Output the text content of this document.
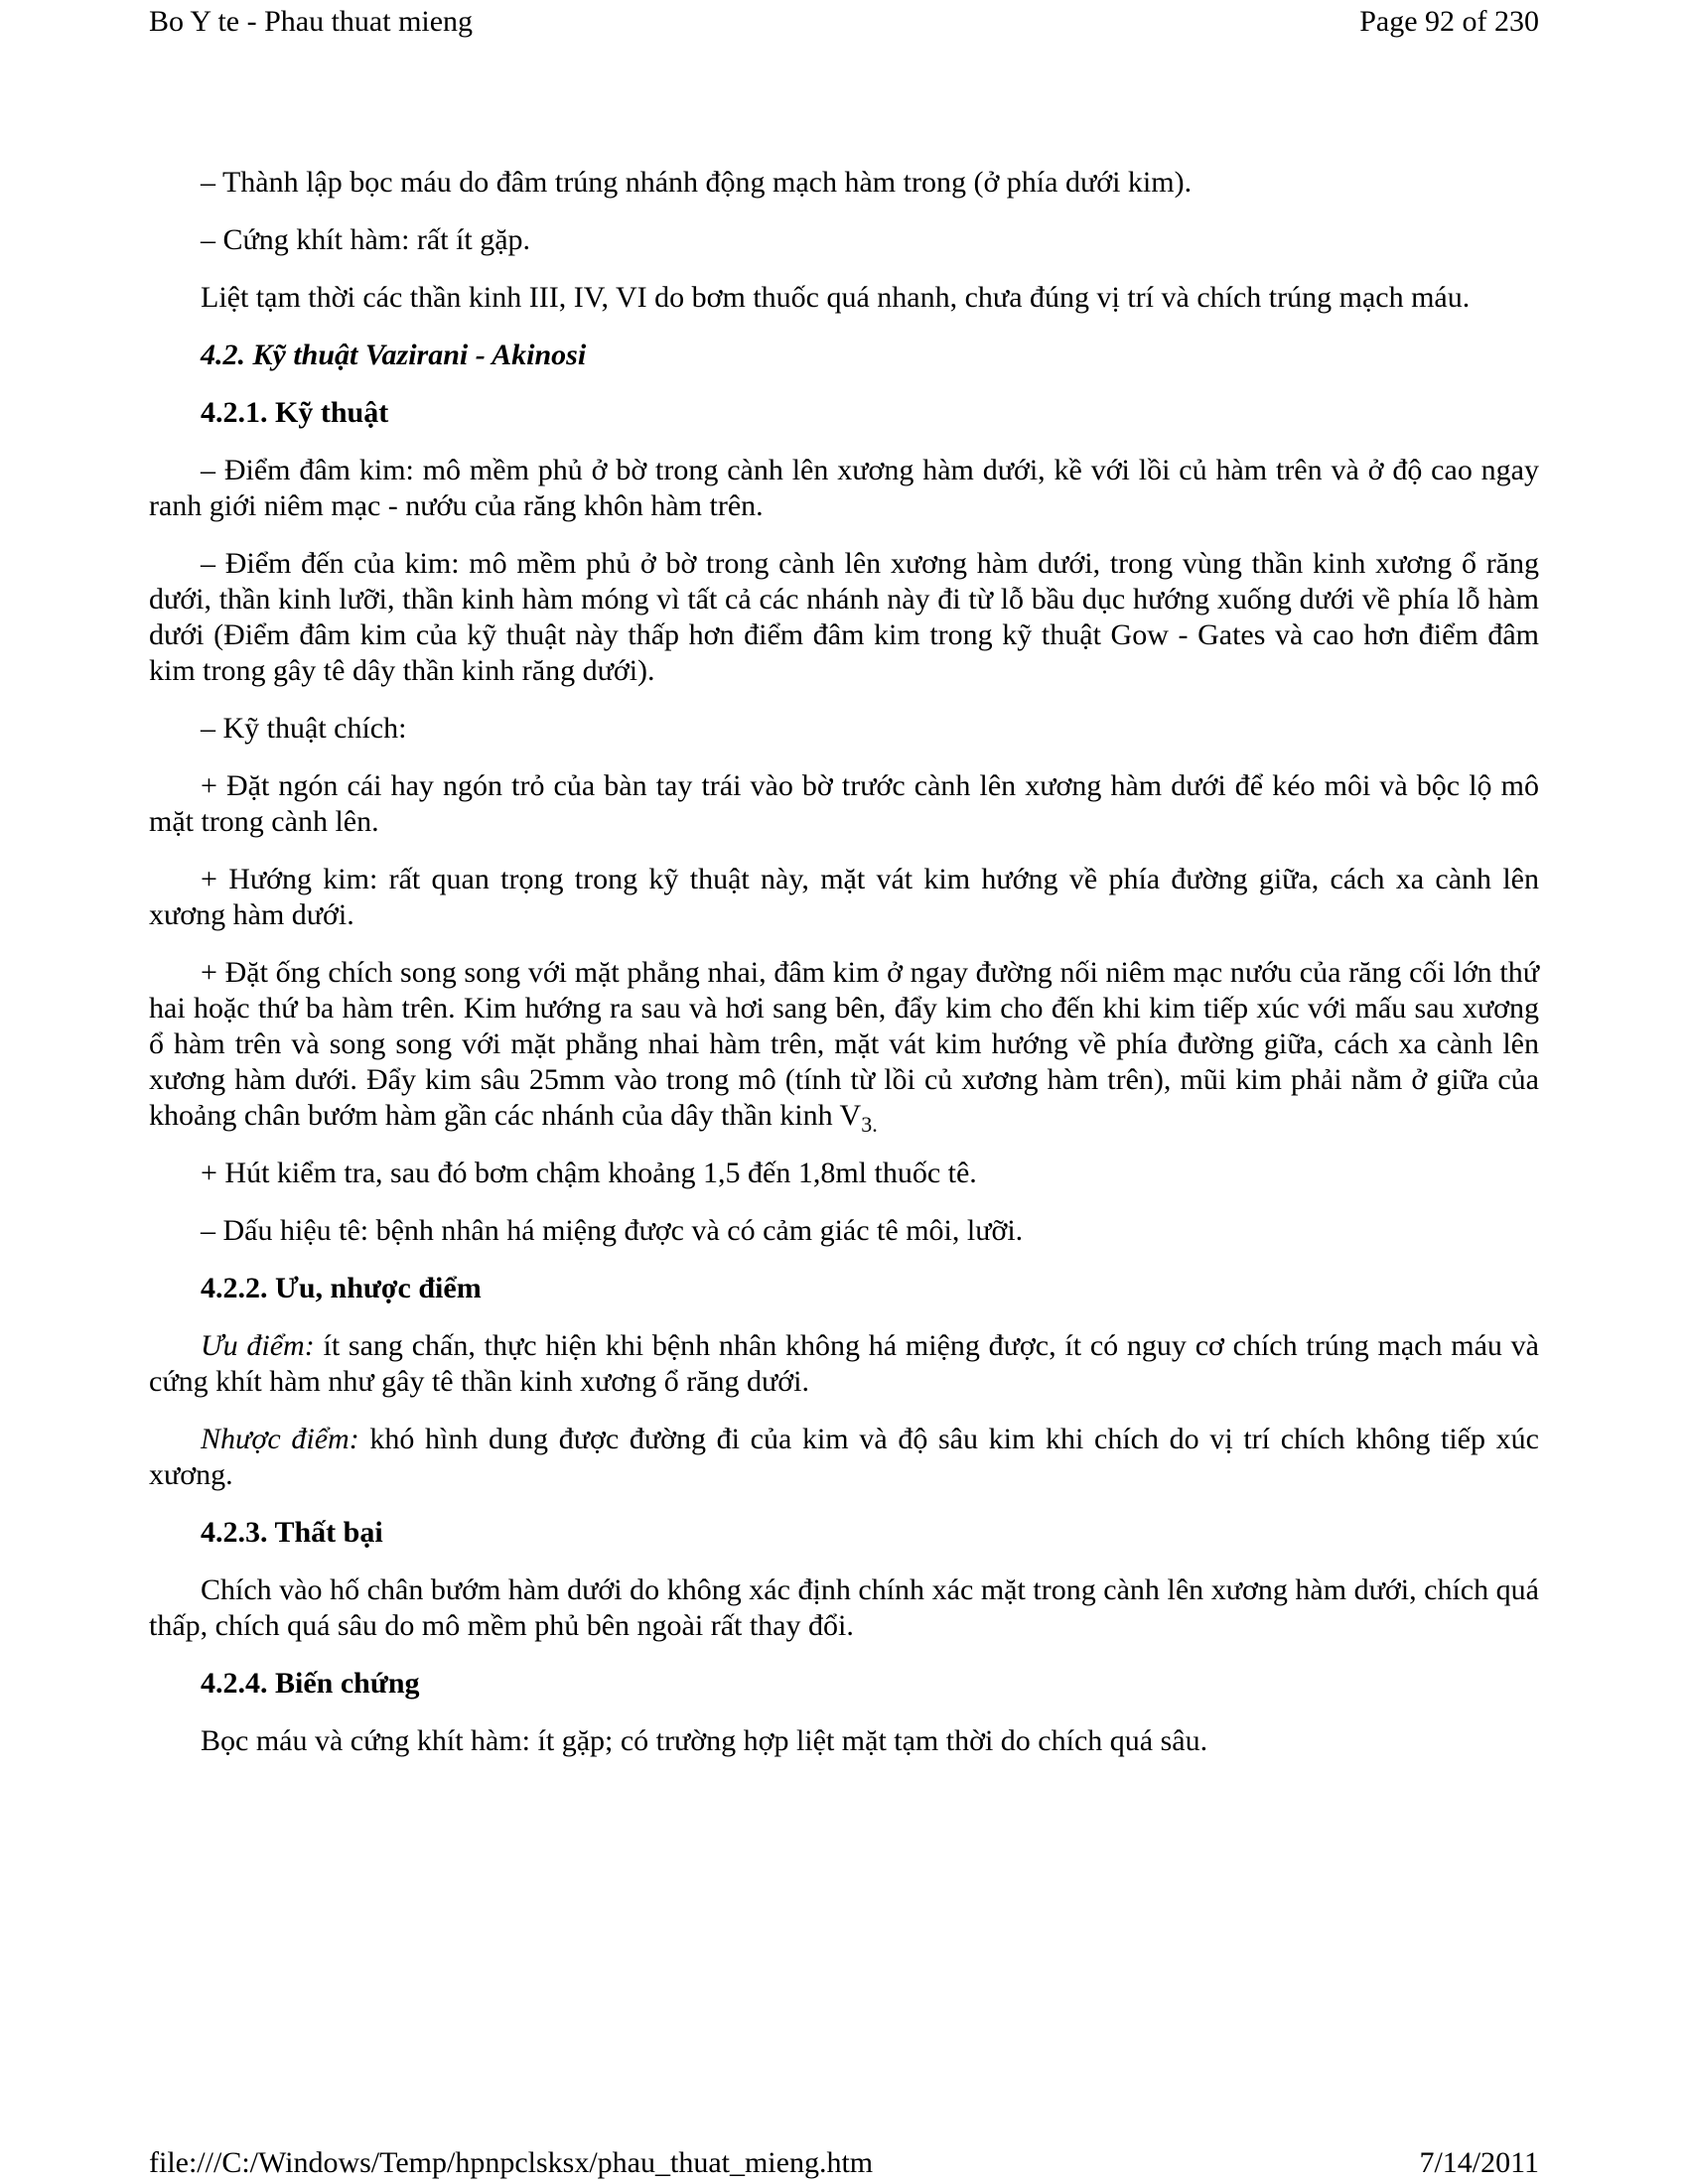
Bo Y te - Phau thuat mieng	Page 92 of 230

– Thành lập bọc máu do đâm trúng nhánh động mạch hàm trong (ở phía dưới kim).

– Cứng khít hàm: rất ít gặp.

Liệt tạm thời các thần kinh III, IV, VI do bơm thuốc quá nhanh, chưa đúng vị trí và chích trúng mạch máu.

4.2. Kỹ thuật Vazirani - Akinosi

4.2.1. Kỹ thuật

– Điểm đâm kim: mô mềm phủ ở bờ trong cành lên xương hàm dưới, kề với lồi củ hàm trên và ở độ cao ngay ranh giới niêm mạc - nướu của răng khôn hàm trên.

– Điểm đến của kim: mô mềm phủ ở bờ trong cành lên xương hàm dưới, trong vùng thần kinh xương ổ răng dưới, thần kinh lưỡi, thần kinh hàm móng vì tất cả các nhánh này đi từ lỗ bầu dục hướng xuống dưới về phía lỗ hàm dưới (Điểm đâm kim của kỹ thuật này thấp hơn điểm đâm kim trong kỹ thuật Gow - Gates và cao hơn điểm đâm kim trong gây tê dây thần kinh răng dưới).

– Kỹ thuật chích:

+ Đặt ngón cái hay ngón trỏ của bàn tay trái vào bờ trước cành lên xương hàm dưới để kéo môi và bộc lộ mô mặt trong cành lên.

+ Hướng kim: rất quan trọng trong kỹ thuật này, mặt vát kim hướng về phía đường giữa, cách xa cành lên xương hàm dưới.

+ Đặt ống chích song song với mặt phẳng nhai, đâm kim ở ngay đường nối niêm mạc nướu của răng cối lớn thứ hai hoặc thứ ba hàm trên. Kim hướng ra sau và hơi sang bên, đẩy kim cho đến khi kim tiếp xúc với mấu sau xương ổ hàm trên và song song với mặt phẳng nhai hàm trên, mặt vát kim hướng về phía đường giữa, cách xa cành lên xương hàm dưới. Đẩy kim sâu 25mm vào trong mô (tính từ lồi củ xương hàm trên), mũi kim phải nằm ở giữa của khoảng chân bướm hàm gần các nhánh của dây thần kinh $V_{3.}$

+ Hút kiểm tra, sau đó bơm chậm khoảng 1,5 đến 1,8ml thuốc tê.

– Dấu hiệu tê: bệnh nhân há miệng được và có cảm giác tê môi, lưỡi.

4.2.2. Ưu, nhược điểm

Ưu điểm: ít sang chấn, thực hiện khi bệnh nhân không há miệng được, ít có nguy cơ chích trúng mạch máu và cứng khít hàm như gây tê thần kinh xương ổ răng dưới.

Nhược điểm: khó hình dung được đường đi của kim và độ sâu kim khi chích do vị trí chích không tiếp xúc xương.

4.2.3. Thất bại

Chích vào hố chân bướm hàm dưới do không xác định chính xác mặt trong cành lên xương hàm dưới, chích quá thấp, chích quá sâu do mô mềm phủ bên ngoài rất thay đổi.

4.2.4. Biến chứng

Bọc máu và cứng khít hàm: ít gặp; có trường hợp liệt mặt tạm thời do chích quá sâu.

file:///C:/Windows/Temp/hpnpclsksx/phau_thuat_mieng.htm	7/14/2011
